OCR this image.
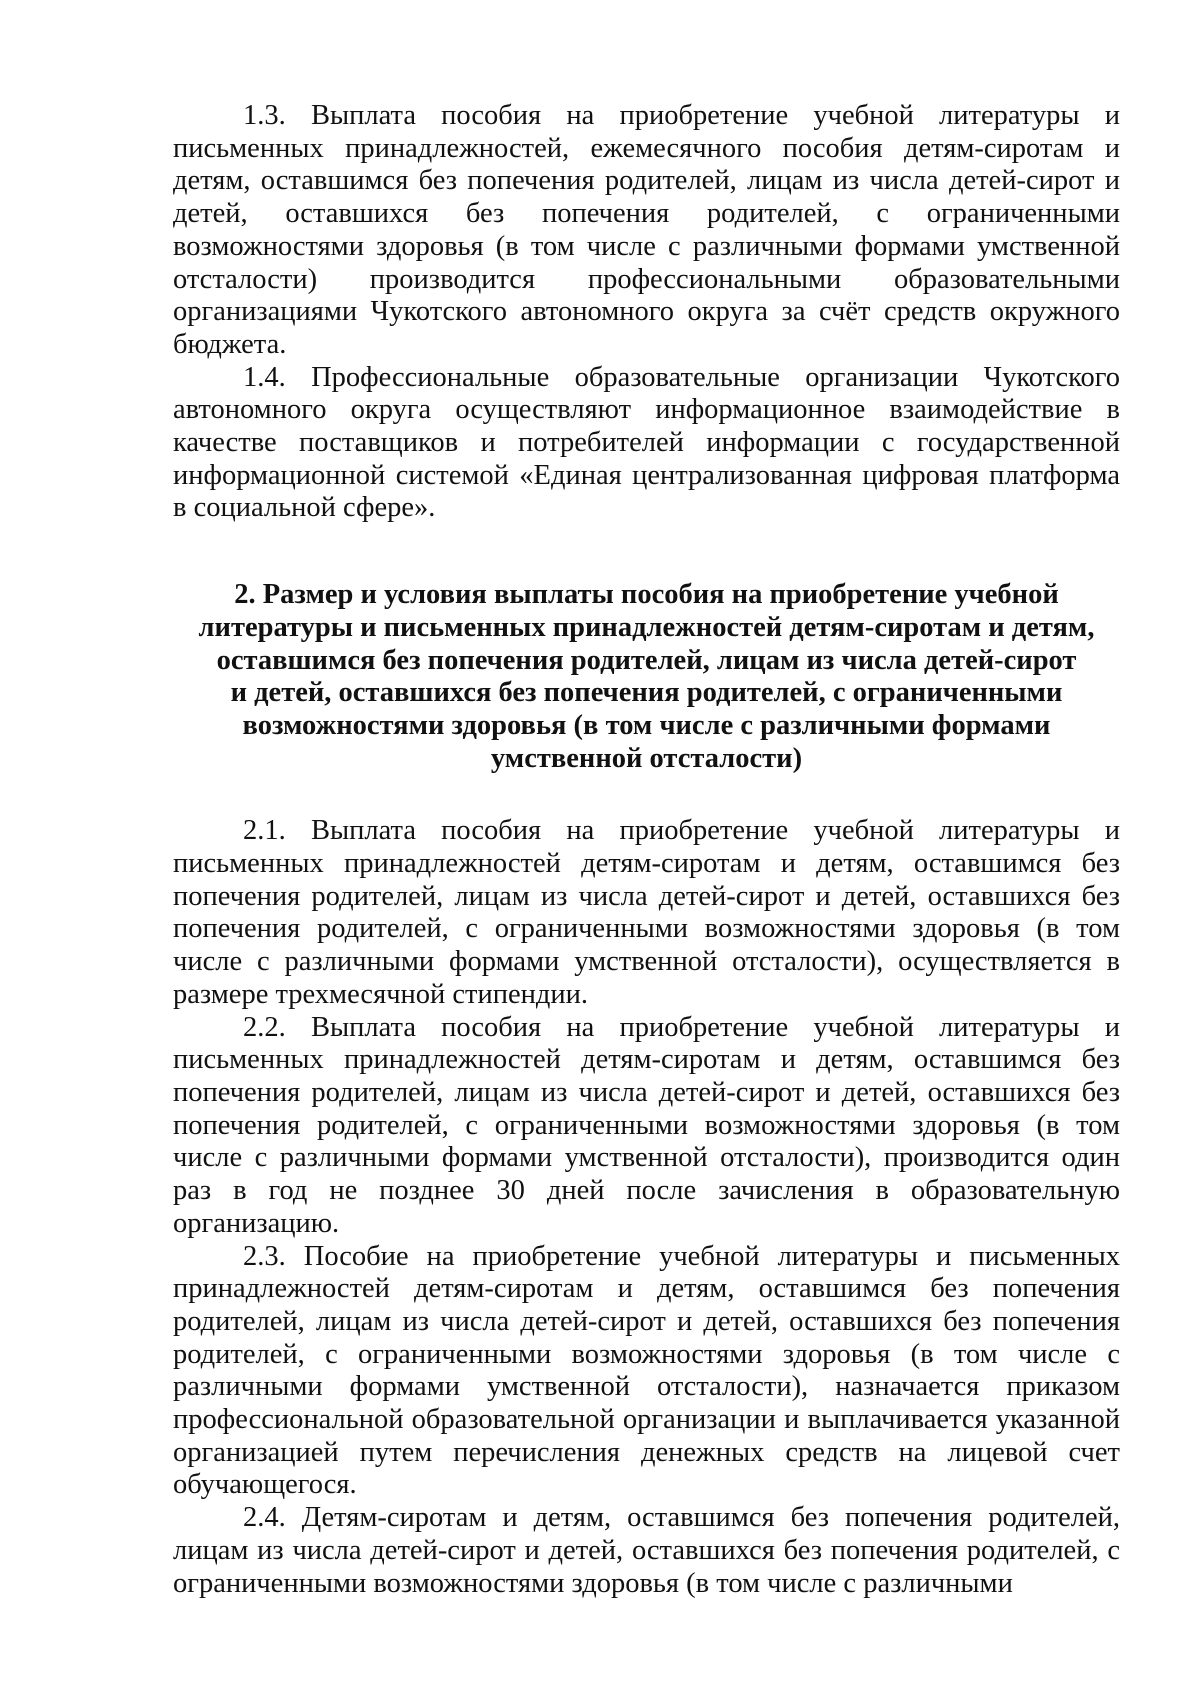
1.3. Выплата пособия на приобретение учебной литературы и письменных принадлежностей, ежемесячного пособия детям-сиротам и детям, оставшимся без попечения родителей, лицам из числа детей-сирот и детей, оставшихся без попечения родителей, с ограниченными возможностями здоровья (в том числе с различными формами умственной отсталости) производится профессиональными образовательными организациями Чукотского автономного округа за счёт средств окружного бюджета.

1.4. Профессиональные образовательные организации Чукотского автономного округа осуществляют информационное взаимодействие в качестве поставщиков и потребителей информации с государственной информационной системой «Единая централизованная цифровая платформа в социальной сфере».

2. Размер и условия выплаты пособия на приобретение учебной
литературы и письменных принадлежностей детям-сиротам и детям,
оставшимся без попечения родителей, лицам из числа детей-сирот
и детей, оставшихся без попечения родителей, с ограниченными
возможностями здоровья (в том числе с различными формами
умственной отсталости)

2.1. Выплата пособия на приобретение учебной литературы и письменных принадлежностей детям-сиротам и детям, оставшимся без попечения родителей, лицам из числа детей-сирот и детей, оставшихся без попечения родителей, с ограниченными возможностями здоровья (в том числе с различными формами умственной отсталости), осуществляется в размере трехмесячной стипендии.

2.2. Выплата пособия на приобретение учебной литературы и письменных принадлежностей детям-сиротам и детям, оставшимся без попечения родителей, лицам из числа детей-сирот и детей, оставшихся без попечения родителей, с ограниченными возможностями здоровья (в том числе с различными формами умственной отсталости), производится один раз в год не позднее 30 дней после зачисления в образовательную организацию.

2.3. Пособие на приобретение учебной литературы и письменных принадлежностей детям-сиротам и детям, оставшимся без попечения родителей, лицам из числа детей-сирот и детей, оставшихся без попечения родителей, с ограниченными возможностями здоровья (в том числе с различными формами умственной отсталости), назначается приказом профессиональной образовательной организации и выплачивается указанной организацией путем перечисления денежных средств на лицевой счет обучающегося.

2.4. Детям-сиротам и детям, оставшимся без попечения родителей, лицам из числа детей-сирот и детей, оставшихся без попечения родителей, с ограниченными возможностями здоровья (в том числе с различными
